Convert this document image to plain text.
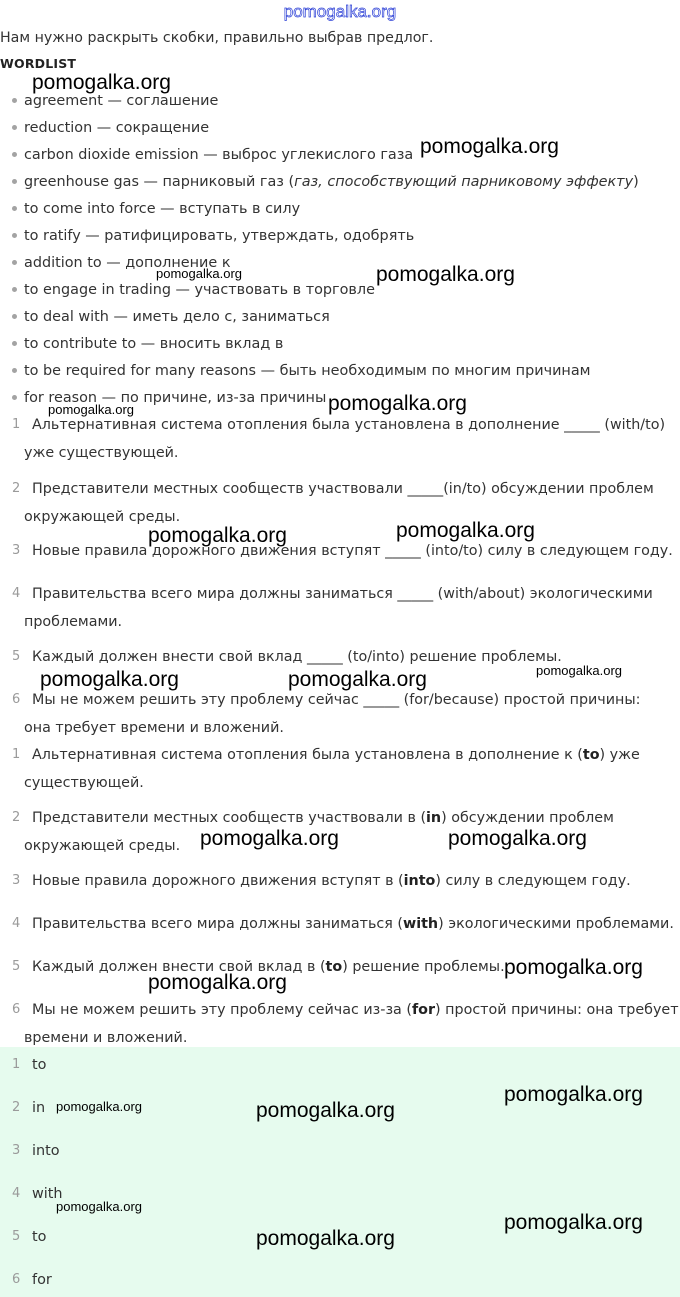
pomogalka.org
Нам нужно раскрыть скобки, правильно выбрав предлог.
WORDLIST
agreement — соглашение
reduction — сокращение
carbon dioxide emission — выброс углекислого газа
greenhouse gas — парниковый газ (газ, способствующий парниковому эффекту)
to come into force — вступать в силу
to ratify — ратифицировать, утверждать, одобрять
addition to — дополнение к
to engage in trading — участвовать в торговле
to deal with — иметь дело с, заниматься
to contribute to — вносить вклад в
to be required for many reasons — быть необходимым по многим причинам
for reason — по причине, из-за причины
1 Альтернативная система отопления была установлена в дополнение _____ (with/to)
уже существующей.
2 Представители местных сообществ участвовали _____(in/to) обсуждении проблем
окружающей среды.
3 Новые правила дорожного движения вступят _____ (into/to) силу в следующем году.
4 Правительства всего мира должны заниматься _____ (with/about) экологическими
проблемами.
5 Каждый должен внести свой вклад _____ (to/into) решение проблемы.
6 Мы не можем решить эту проблему сейчас _____ (for/because) простой причины:
она требует времени и вложений.
1 Альтернативная система отопления была установлена в дополнение к (to) уже
существующей.
2 Представители местных сообществ участвовали в (in) обсуждении проблем
окружающей среды.
3 Новые правила дорожного движения вступят в (into) силу в следующем году.
4 Правительства всего мира должны заниматься (with) экологическими проблемами.
5 Каждый должен внести свой вклад в (to) решение проблемы.
6 Мы не можем решить эту проблему сейчас из-за (for) простой причины: она требует
времени и вложений.
1 to
2 in
3 into
4 with
5 to
6 for
pomogalka.org
pomogalka.org
pomogalka.org	pomogalka.org
pomogalka.org	pomogalka.org
pomogalka.org
pomogalka.org
pomogalka.org
pomogalka.org	pomogalka.org
pomogalka.org	pomogalka.org
pomogalka.org
pomogalka.org
pomogalka.org
pomogalka.org	pomogalka.org
pomogalka.org
pomogalka.org
pomogalka.org
